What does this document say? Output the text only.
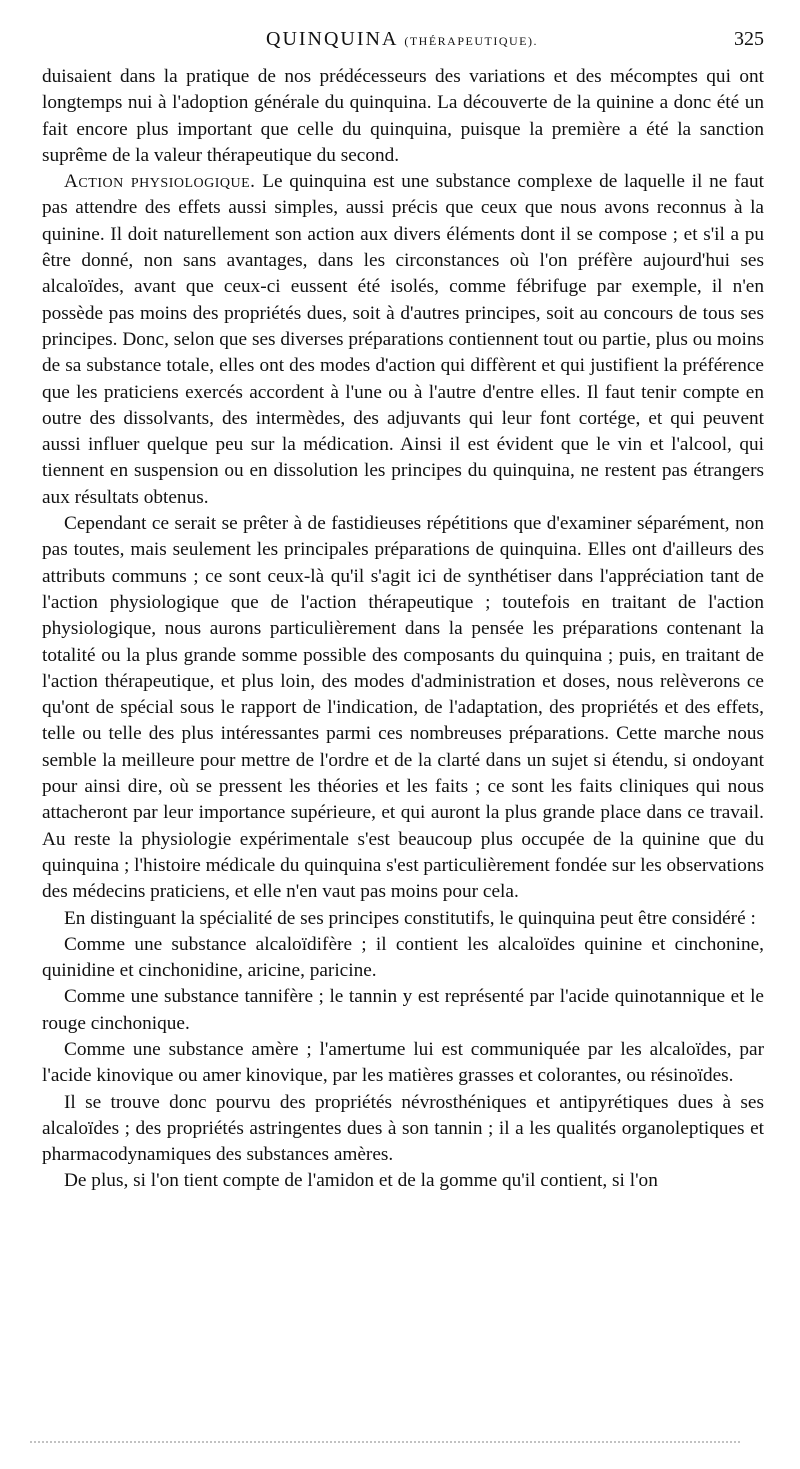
QUINQUINA (THÉRAPEUTIQUE).	325

duisaient dans la pratique de nos prédécesseurs des variations et des mécomptes qui ont longtemps nui à l'adoption générale du quinquina. La découverte de la quinine a donc été un fait encore plus important que celle du quinquina, puisque la première a été la sanction suprême de la valeur thérapeutique du second.

Action physiologique. Le quinquina est une substance complexe de laquelle il ne faut pas attendre des effets aussi simples, aussi précis que ceux que nous avons reconnus à la quinine. Il doit naturellement son action aux divers éléments dont il se compose ; et s'il a pu être donné, non sans avantages, dans les circonstances où l'on préfère aujourd'hui ses alcaloïdes, avant que ceux-ci eussent été isolés, comme fébrifuge par exemple, il n'en possède pas moins des propriétés dues, soit à d'autres principes, soit au concours de tous ses principes. Donc, selon que ses diverses préparations contiennent tout ou partie, plus ou moins de sa substance totale, elles ont des modes d'action qui diffèrent et qui justifient la préférence que les praticiens exercés accordent à l'une ou à l'autre d'entre elles. Il faut tenir compte en outre des dissolvants, des intermèdes, des adjuvants qui leur font cortége, et qui peuvent aussi influer quelque peu sur la médication. Ainsi il est évident que le vin et l'alcool, qui tiennent en suspension ou en dissolution les principes du quinquina, ne restent pas étrangers aux résultats obtenus.

Cependant ce serait se prêter à de fastidieuses répétitions que d'examiner séparément, non pas toutes, mais seulement les principales préparations de quinquina. Elles ont d'ailleurs des attributs communs ; ce sont ceux-là qu'il s'agit ici de synthétiser dans l'appréciation tant de l'action physiologique que de l'action thérapeutique ; toutefois en traitant de l'action physiologique, nous aurons particulièrement dans la pensée les préparations contenant la totalité ou la plus grande somme possible des composants du quinquina ; puis, en traitant de l'action thérapeutique, et plus loin, des modes d'administration et doses, nous relèverons ce qu'ont de spécial sous le rapport de l'indication, de l'adaptation, des propriétés et des effets, telle ou telle des plus intéressantes parmi ces nombreuses préparations. Cette marche nous semble la meilleure pour mettre de l'ordre et de la clarté dans un sujet si étendu, si ondoyant pour ainsi dire, où se pressent les théories et les faits ; ce sont les faits cliniques qui nous attacheront par leur importance supérieure, et qui auront la plus grande place dans ce travail. Au reste la physiologie expérimentale s'est beaucoup plus occupée de la quinine que du quinquina ; l'histoire médicale du quinquina s'est particulièrement fondée sur les observations des médecins praticiens, et elle n'en vaut pas moins pour cela.

En distinguant la spécialité de ses principes constitutifs, le quinquina peut être considéré :

Comme une substance alcaloïdifère ; il contient les alcaloïdes quinine et cinchonine, quinidine et cinchonidine, aricine, paricine.

Comme une substance tannifère ; le tannin y est représenté par l'acide quinotannique et le rouge cinchonique.

Comme une substance amère ; l'amertume lui est communiquée par les alcaloïdes, par l'acide kinovique ou amer kinovique, par les matières grasses et colorantes, ou résinoïdes.

Il se trouve donc pourvu des propriétés névrosthéniques et antipyrétiques dues à ses alcaloïdes ; des propriétés astringentes dues à son tannin ; il a les qualités organoleptiques et pharmacodynamiques des substances amères.

De plus, si l'on tient compte de l'amidon et de la gomme qu'il contient, si l'on
